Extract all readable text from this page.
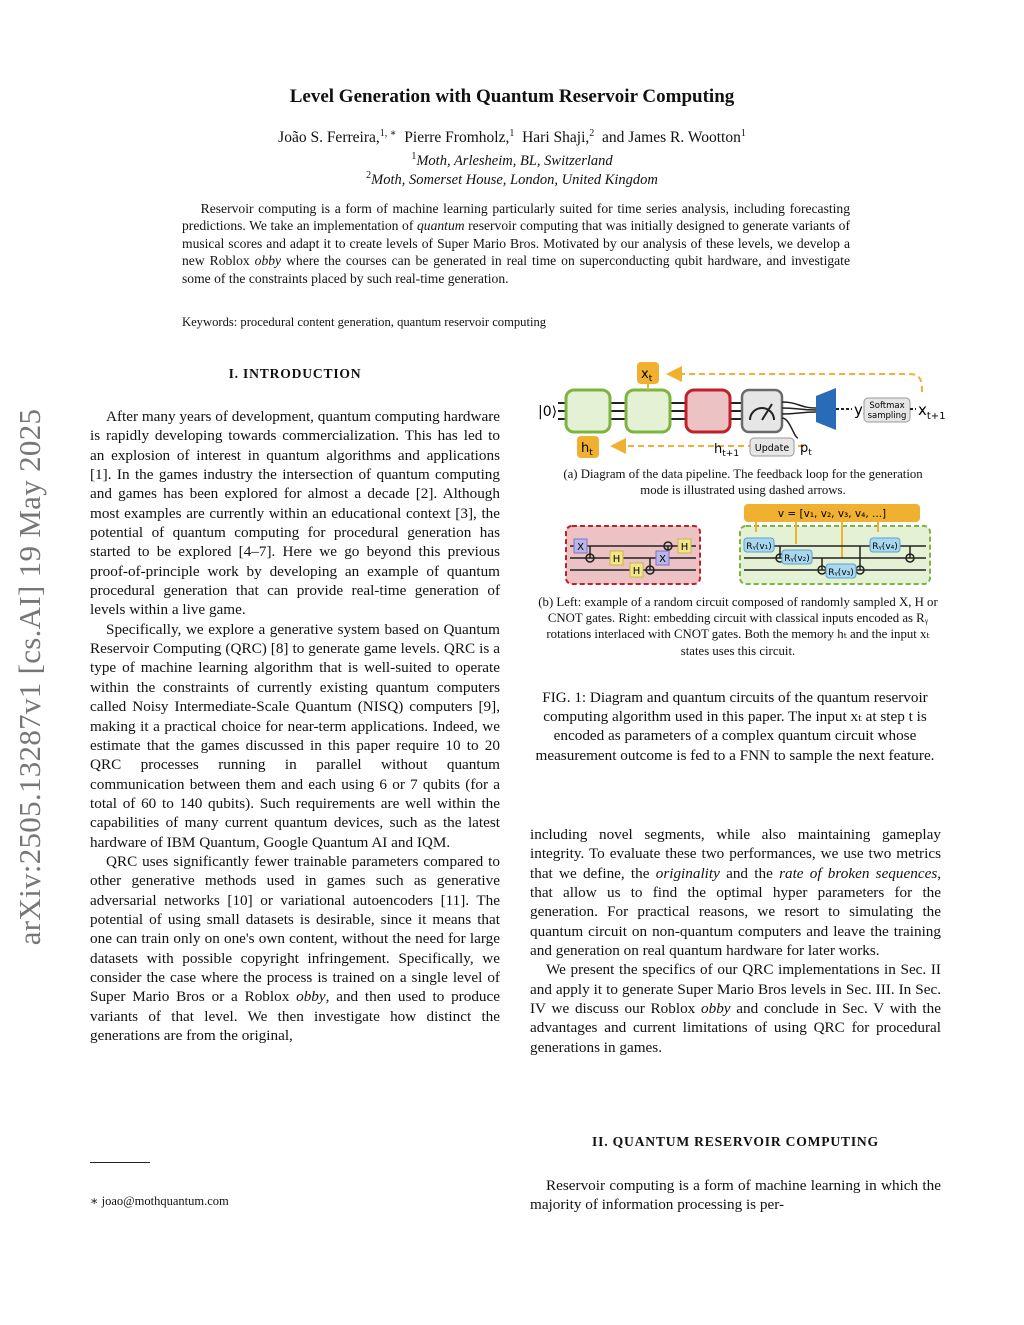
arXiv:2505.13287v1 [cs.AI] 19 May 2025
Level Generation with Quantum Reservoir Computing
João S. Ferreira,$^{1, ∗}$ Pierre Fromholz,$^1$ Hari Shaji,$^2$ and James R. Wootton$^1$
$^1$Moth, Arlesheim, BL, Switzerland
$^2$Moth, Somerset House, London, United Kingdom
Reservoir computing is a form of machine learning particularly suited for time series analysis, including forecasting predictions. We take an implementation of quantum reservoir computing that was initially designed to generate variants of musical scores and adapt it to create levels of Super Mario Bros. Motivated by our analysis of these levels, we develop a new Roblox obby where the courses can be generated in real time on superconducting qubit hardware, and investigate some of the constraints placed by such real-time generation.
Keywords: procedural content generation, quantum reservoir computing
I. INTRODUCTION

After many years of development, quantum computing hardware is rapidly developing towards commercialization. This has led to an explosion of interest in quantum algorithms and applications [1]. In the games industry the intersection of quantum computing and games has been explored for almost a decade [2]. Although most examples are currently within an educational context [3], the potential of quantum computing for procedural generation has started to be explored [4–7]. Here we go beyond this previous proof-of-principle work by developing an example of quantum procedural generation that can provide real-time generation of levels within a live game.

Specifically, we explore a generative system based on Quantum Reservoir Computing (QRC) [8] to generate game levels. QRC is a type of machine learning algorithm that is well-suited to operate within the constraints of currently existing quantum computers called Noisy Intermediate-Scale Quantum (NISQ) computers [9], making it a practical choice for near-term applications. Indeed, we estimate that the games discussed in this paper require 10 to 20 QRC processes running in parallel without quantum communication between them and each using 6 or 7 qubits (for a total of 60 to 140 qubits). Such requirements are well within the capabilities of many current quantum devices, such as the latest hardware of IBM Quantum, Google Quantum AI and IQM.

QRC uses significantly fewer trainable parameters compared to other generative methods used in games such as generative adversarial networks [10] or variational autoencoders [11]. The potential of using small datasets is desirable, since it means that one can train only on one's own content, without the need for large datasets with possible copyright infringement. Specifically, we consider the case where the process is trained on a single level of Super Mario Bros or a Roblox obby, and then used to produce variants of that level. We then investigate how distinct the generations are from the original,

∗ joao@mothquantum.com
|0⟩	y Softmax
sampling $x_{t+1}$
$x_t$
$h_t$	$h_{t+1}$ Update $p_t$
(a) Diagram of the data pipeline. The feedback loop for the generation mode is illustrated using dashed arrows.
X
H
H
X
H
v = [v₁, v₂, v₃, v₄, ...]
Rᵧ(v₁)
Rᵧ(v₂)
Rᵧ(v₃)
Rᵧ(v₄)
(b) Left: example of a random circuit composed of randomly sampled X, H or CNOT gates. Right: embedding circuit with classical inputs encoded as Rᵧ rotations interlaced with CNOT gates. Both the memory hₜ and the input xₜ states uses this circuit.
FIG. 1: Diagram and quantum circuits of the quantum reservoir computing algorithm used in this paper. The input xₜ at step t is encoded as parameters of a complex quantum circuit whose measurement outcome is fed to a FNN to sample the next feature.

including novel segments, while also maintaining gameplay integrity. To evaluate these two performances, we use two metrics that we define, the originality and the rate of broken sequences, that allow us to find the optimal hyper parameters for the generation. For practical reasons, we resort to simulating the quantum circuit on non-quantum computers and leave the training and generation on real quantum hardware for later works.

We present the specifics of our QRC implementations in Sec. II and apply it to generate Super Mario Bros levels in Sec. III. In Sec. IV we discuss our Roblox obby and conclude in Sec. V with the advantages and current limitations of using QRC for procedural generations in games.

II. QUANTUM RESERVOIR COMPUTING

Reservoir computing is a form of machine learning in which the majority of information processing is per-
